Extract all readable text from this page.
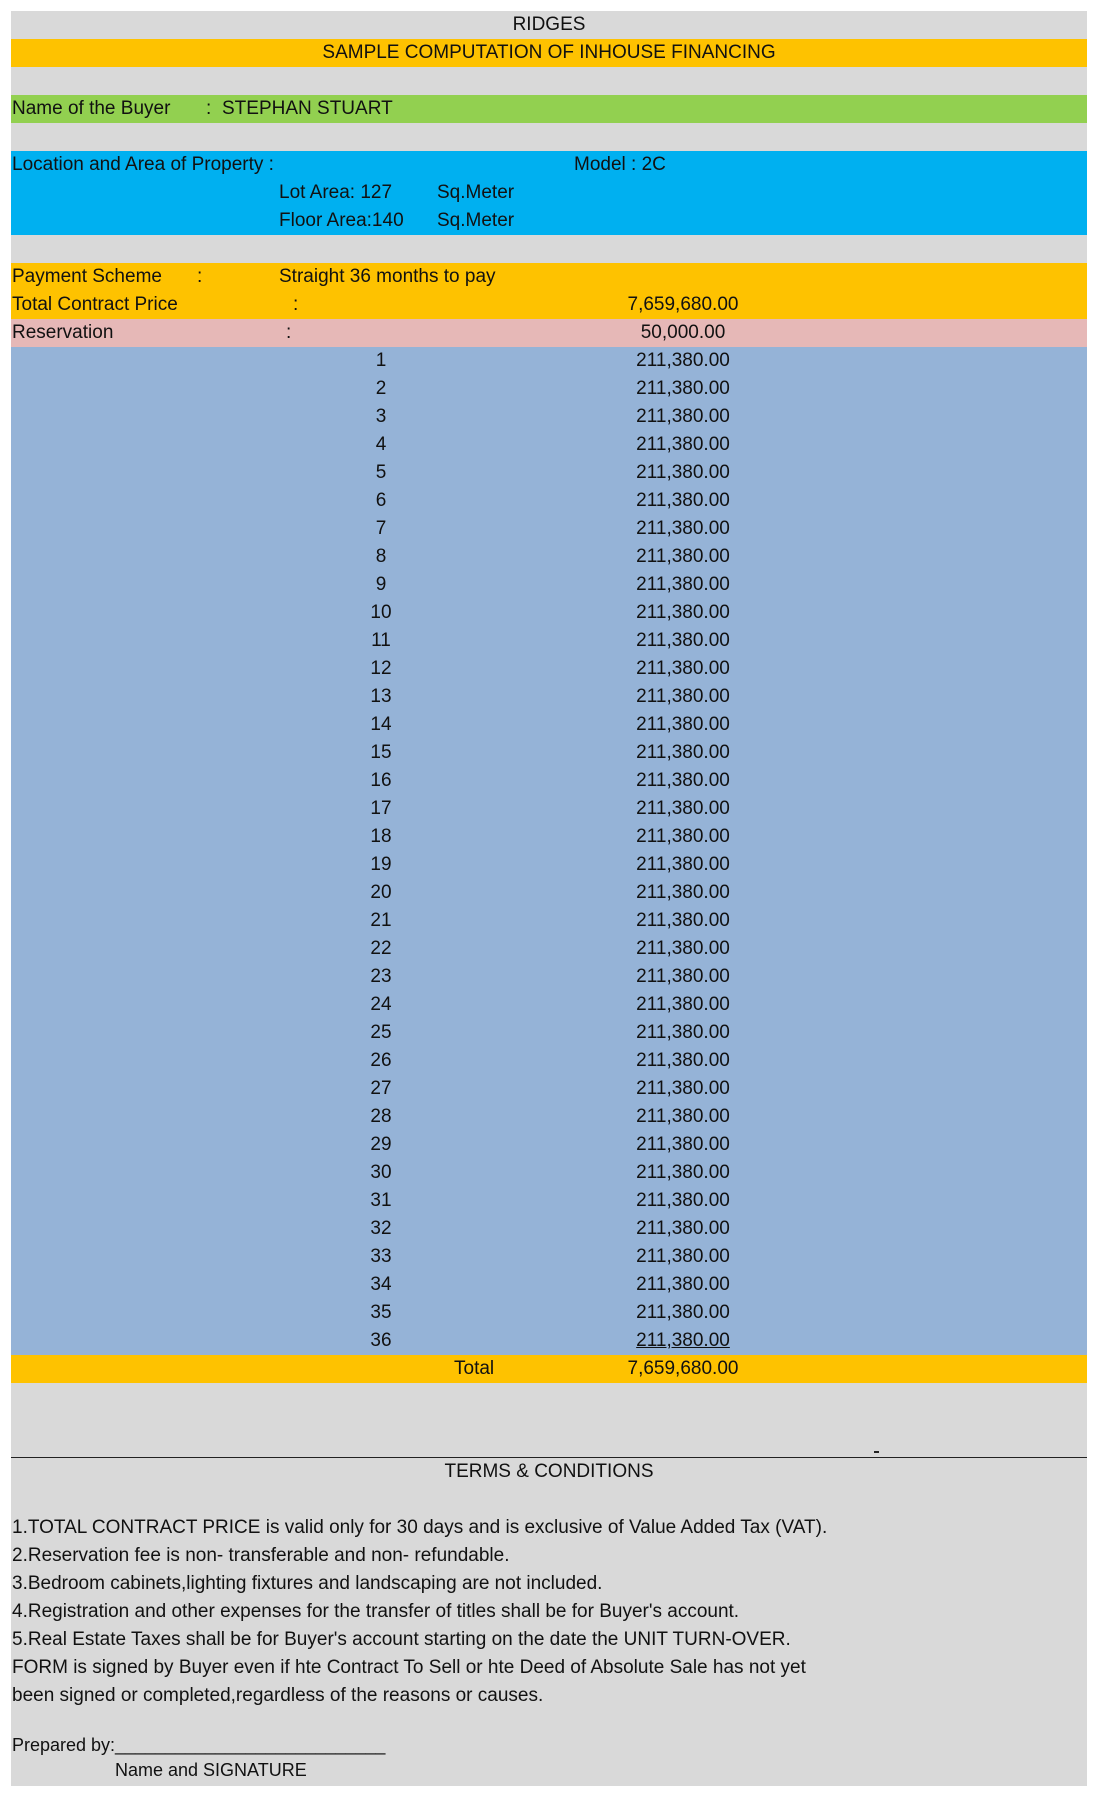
RIDGES
SAMPLE COMPUTATION OF INHOUSE FINANCING
Name of the Buyer : STEPHAN STUART
Location and Area of Property :	Model : 2C
Lot Area: 127 Sq.Meter
Floor Area:140 Sq.Meter
Payment Scheme :	Straight 36 months to pay
Total Contract Price	:	7,659,680.00
Reservation	:	50,000.00
1	211,380.00
2	211,380.00
3	211,380.00
4	211,380.00
5	211,380.00
6	211,380.00
7	211,380.00
8	211,380.00
9	211,380.00
10	211,380.00
11	211,380.00
12	211,380.00
13	211,380.00
14	211,380.00
15	211,380.00
16	211,380.00
17	211,380.00
18	211,380.00
19	211,380.00
20	211,380.00
21	211,380.00
22	211,380.00
23	211,380.00
24	211,380.00
25	211,380.00
26	211,380.00
27	211,380.00
28	211,380.00
29	211,380.00
30	211,380.00
31	211,380.00
32	211,380.00
33	211,380.00
34	211,380.00
35	211,380.00
36	211,380.00
Total	7,659,680.00
TERMS & CONDITIONS
1.TOTAL CONTRACT PRICE is valid only for 30 days and is exclusive of Value Added Tax (VAT).
2.Reservation fee is non- transferable and non- refundable.
3.Bedroom cabinets,lighting fixtures and landscaping are not included.
4.Registration and other expenses for the transfer of titles shall be for Buyer's account.
5.Real Estate Taxes shall be for Buyer's account starting on the date the UNIT TURN-OVER.
FORM is signed by Buyer even if hte Contract To Sell or hte Deed of Absolute Sale has not yet
been signed or completed,regardless of the reasons or causes.
Prepared by:___________________________
Name and SIGNATURE
